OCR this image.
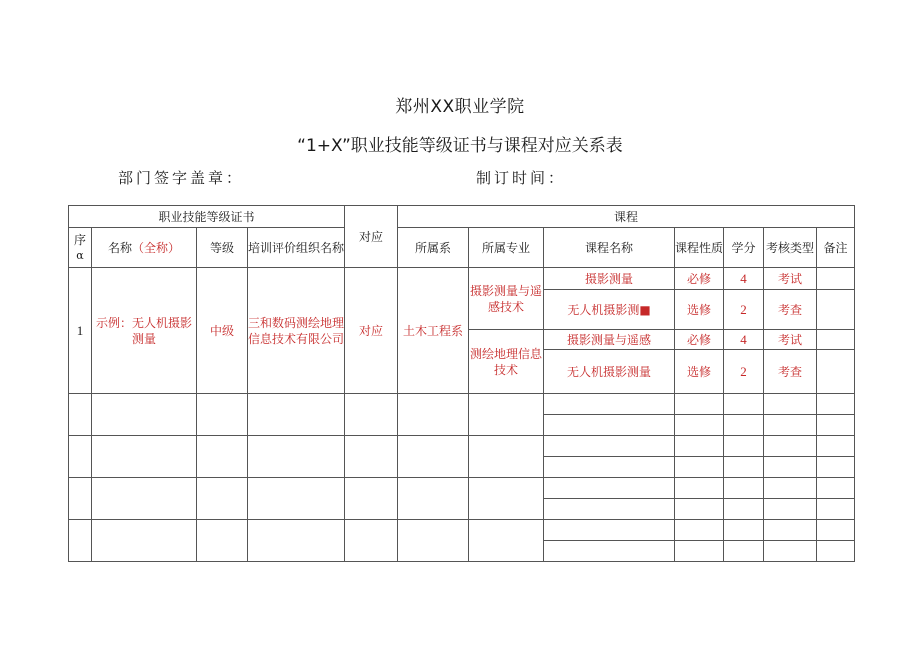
郑州XX职业学院
“1+X”职业技能等级证书与课程对应关系表
部门签字盖章：	制订时间：
职业技能等级证书				对应	课程						
序
α	名称（全称）	等级	培训评价组织名称		所属系	所属专业	课程名称	课程性质	学分	考核类型	备注
1	示例：无人机摄影测量	中级	三和数码测绘地理信息技术有限公司	对应	土木工程系	摄影测量与遥感技术	摄影测量	必修	4	考试	
							无人机摄影测■	选修	2	考查	
						测绘地理信息技术	摄影测量与遥感	必修	4	考试	
							无人机摄影测量	选修	2	考查	
